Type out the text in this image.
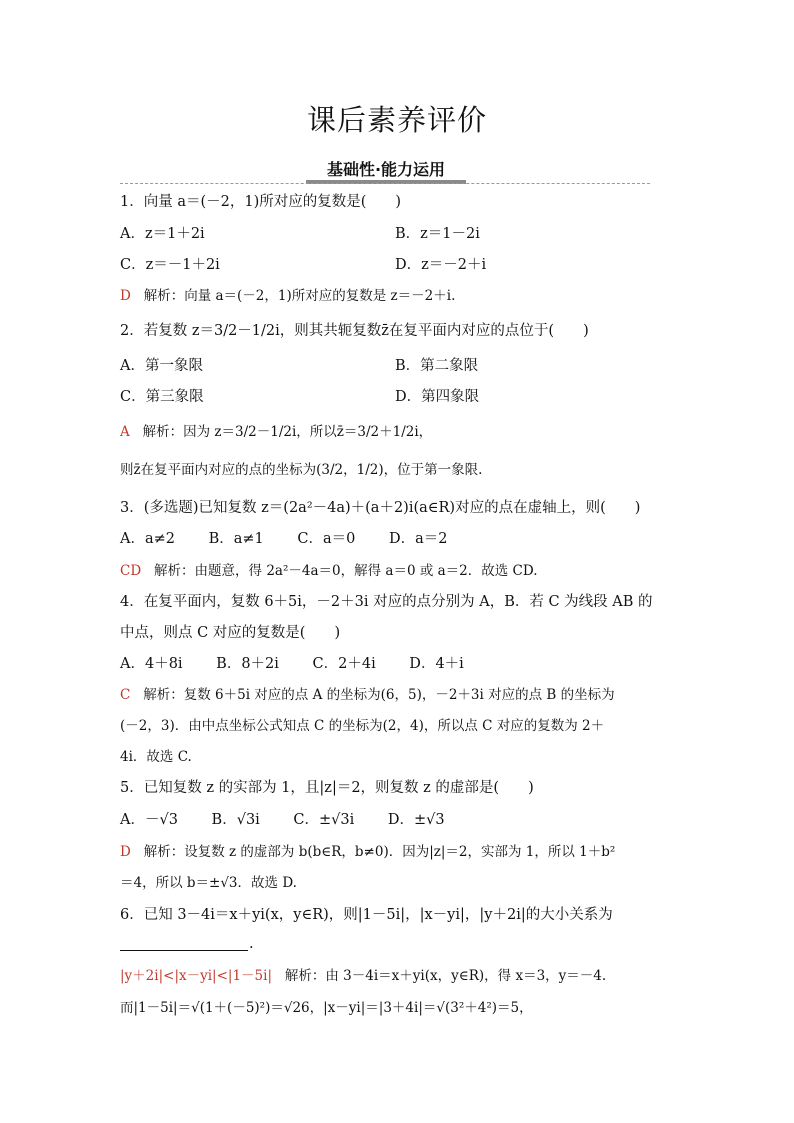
课后素养评价
基础性·能力运用
1．向量 a＝(－2，1)所对应的复数是(　　)
A．z＝1＋2i	B．z＝1－2i
C．z＝－1＋2i	D．z＝－2＋i
D 解析：向量 a＝(－2，1)所对应的复数是 z＝－2＋i.
2．若复数 z＝3/2－1/2i，则其共轭复数z̄在复平面内对应的点位于(　　)
A．第一象限	B．第二象限
C．第三象限	D．第四象限
A 解析：因为 z＝3/2－1/2i，所以z̄＝3/2＋1/2i，
则z̄在复平面内对应的点的坐标为(3/2，1/2)，位于第一象限.
3．(多选题)已知复数 z＝(2a²－4a)＋(a＋2)i(a∈R)对应的点在虚轴上，则(　　)
A．a≠2　　 B．a≠1　　 C．a＝0　　 D．a＝2
CD 解析：由题意，得 2a²－4a＝0，解得 a＝0 或 a＝2．故选 CD.
4．在复平面内，复数 6＋5i，－2＋3i 对应的点分别为 A，B．若 C 为线段 AB 的
中点，则点 C 对应的复数是(　　)
A．4＋8i　　 B．8＋2i　　 C．2＋4i　　 D．4＋i
C 解析：复数 6＋5i 对应的点 A 的坐标为(6，5)，－2＋3i 对应的点 B 的坐标为
(－2，3)．由中点坐标公式知点 C 的坐标为(2，4)，所以点 C 对应的复数为 2＋
4i．故选 C.
5．已知复数 z 的实部为 1，且|z|＝2，则复数 z 的虚部是(　　)
A．－√3　　 B．√3i　　 C．±√3i　　 D．±√3
D 解析：设复数 z 的虚部为 b(b∈R，b≠0)．因为|z|＝2，实部为 1，所以 1＋b²
＝4，所以 b＝±√3．故选 D.
6．已知 3－4i＝x＋yi(x，y∈R)，则|1－5i|，|x－yi|，|y＋2i|的大小关系为
.
|y＋2i|<|x－yi|<|1－5i| 解析：由 3－4i＝x＋yi(x，y∈R)，得 x＝3，y＝－4.
而|1－5i|＝√(1＋(－5)²)＝√26，|x－yi|＝|3＋4i|＝√(3²＋4²)＝5，
